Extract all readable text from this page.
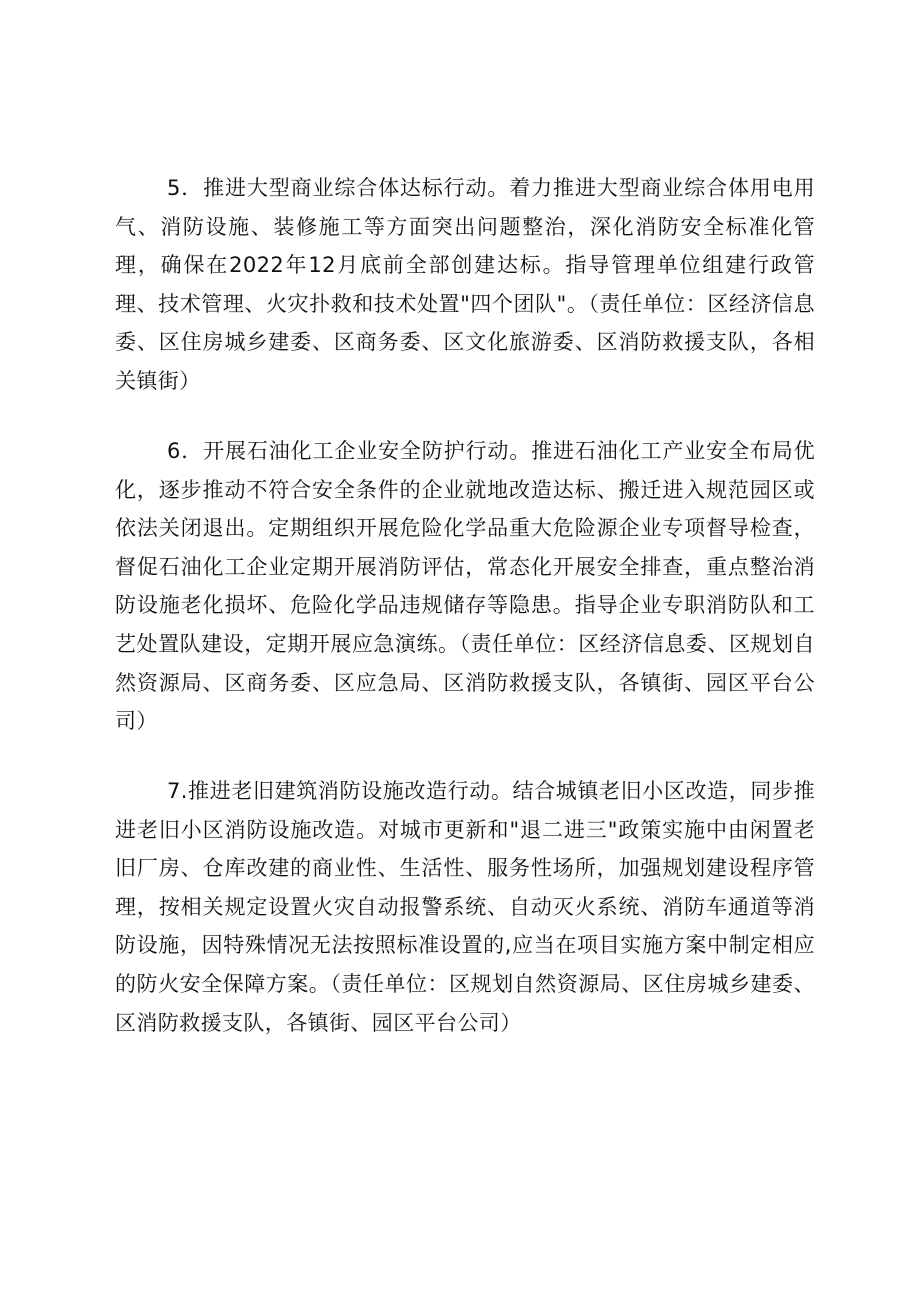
5．推进大型商业综合体达标行动。着力推进大型商业综合体用电用气、消防设施、装修施工等方面突出问题整治，深化消防安全标准化管理，确保在2022年12月底前全部创建达标。指导管理单位组建行政管理、技术管理、火灾扑救和技术处置"四个团队"。（责任单位：区经济信息委、区住房城乡建委、区商务委、区文化旅游委、区消防救援支队，各相关镇街）

6．开展石油化工企业安全防护行动。推进石油化工产业安全布局优化，逐步推动不符合安全条件的企业就地改造达标、搬迁进入规范园区或依法关闭退出。定期组织开展危险化学品重大危险源企业专项督导检查，督促石油化工企业定期开展消防评估，常态化开展安全排查，重点整治消防设施老化损坏、危险化学品违规储存等隐患。指导企业专职消防队和工艺处置队建设，定期开展应急演练。（责任单位：区经济信息委、区规划自然资源局、区商务委、区应急局、区消防救援支队，各镇街、园区平台公司）

7.推进老旧建筑消防设施改造行动。结合城镇老旧小区改造，同步推进老旧小区消防设施改造。对城市更新和"退二进三"政策实施中由闲置老旧厂房、仓库改建的商业性、生活性、服务性场所，加强规划建设程序管理，按相关规定设置火灾自动报警系统、自动灭火系统、消防车通道等消防设施，因特殊情况无法按照标准设置的,应当在项目实施方案中制定相应的防火安全保障方案。（责任单位：区规划自然资源局、区住房城乡建委、区消防救援支队，各镇街、园区平台公司）
